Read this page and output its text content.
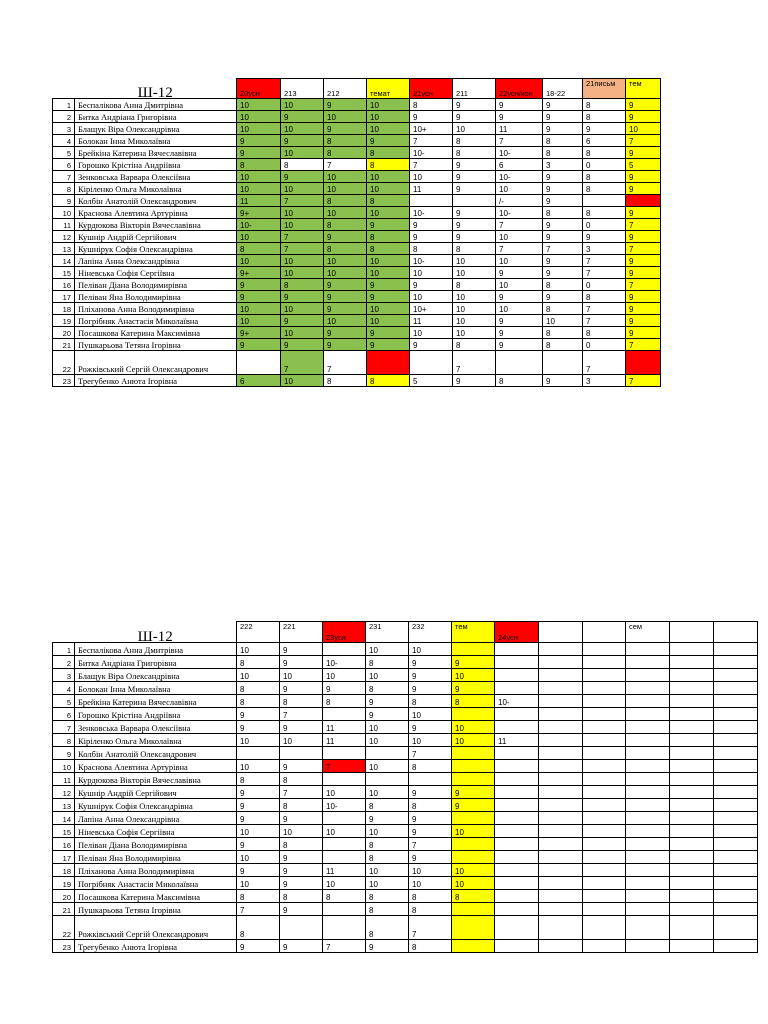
	Ш-12	20усн	213	212	темат	21усн	211	22усн/кон	18-22	21письм	тем
1	Беспалікова Анна Дмитрівна	10	10	9	10	8	9	9	9	8	9
2	Битка Андріана Григорівна	10	9	10	10	9	9	9	9	8	9
3	Блащук Віра Олександрівна	10	10	9	10	10+	10	11	9	9	10
4	Болокан Інна Миколаївна	9	9	8	9	7	8	7	8	6	7
5	Брейкіна Катерина Вячеславівна	9	10	8	8	10-	8	10-	8	8	9
6	Горошко Крістіна Андріївна	8	8	7	8	7	9	6	3	0	5
7	Зенковська Варвара Олексіївна	10	9	10	10	10	9	10-	9	8	9
8	Кіріленко Ольга Миколаївна	10	10	10	10	11	9	10	9	8	9
9	Колбін Анатолій Олександрович	11	7	8	8			/-	9		
10	Краснова Алевтина Артурівна	9+	10	10	10	10-	9	10-	8	8	9
11	Курдюкова Вікторія Вячеславівна	10-	10	8	9	9	9	7	9	0	7
12	Кушнір Андрій Сергійович	10	7	9	8	9	9	10	9	9	9
13	Кушнірук Софія Олександрівна	8	7	8	8	8	8	7	7	3	7
14	Лапіна Анна Олександрівна	10	10	10	10	10-	10	10	9	7	9
15	Ніневська Софія Сергіївна	9+	10	10	10	10	10	9	9	7	9
16	Пеліван Діана Володимирівна	9	8	9	9	9	8	10	8	0	7
17	Пеліван Яна Володимирівна	9	9	9	9	10	10	9	9	8	9
18	Пліханова Анна Володимирівна	10	10	9	10	10+	10	10	8	7	9
19	Погрібняк Анастасія Миколаївна	10	9	10	10	11	10	9	10	7	9
20	Посашкова Катерина Максимівна	9+	10	9	9	10	10	9	8	8	9
21	Пушкарьова Тетяна Ігорівна	9	9	9	9	9	8	9	8	0	7
22	Рожківський Сергій Олександрович		7	7			7			7	
23	Трегубенко Анюта Ігорівна	6	10	8	8	5	9	8	9	3	7
	Ш-12	222	221	23усн	231	232	тем	24усн			сем		
1	Беспалікова Анна Дмитрівна	10	9		10	10							
2	Битка Андріана Григорівна	8	9	10-	8	9	9						
3	Блащук Віра Олександрівна	10	10	10	10	9	10						
4	Болокан Інна Миколаївна	8	9	9	8	9	9						
5	Брейкіна Катерина Вячеславівна	8	8	8	9	8	8	10-					
6	Горошко Крістіна Андріївна	9	7		9	10							
7	Зенковська Варвара Олексіївна	9	9	11	10	9	10						
8	Кіріленко Ольга Миколаївна	10	10	11	10	10	10	11					
9	Колбін Анатолій Олександрович					7							
10	Краснова Алевтина Артурівна	10	9	7	10	8							
11	Курдюкова Вікторія Вячеславівна	8	8										
12	Кушнір Андрій Сергійович	9	7	10	10	9	9						
13	Кушнірук Софія Олександрівна	9	8	10-	8	8	9						
14	Лапіна Анна Олександрівна	9	9		9	9							
15	Ніневська Софія Сергіївна	10	10	10	10	9	10						
16	Пеліван Діана Володимирівна	9	8		8	7							
17	Пеліван Яна Володимирівна	10	9		8	9							
18	Пліханова Анна Володимирівна	9	9	11	10	10	10						
19	Погрібняк Анастасія Миколаївна	10	9	10	10	10	10						
20	Посашкова Катерина Максимівна	8	8	8	8	8	8						
21	Пушкарьова Тетяна Ігорівна	7	9		8	8							
22	Рожківський Сергій Олександрович	8			8	7							
23	Трегубенко Анюта Ігорівна	9	9	7	9	8							
